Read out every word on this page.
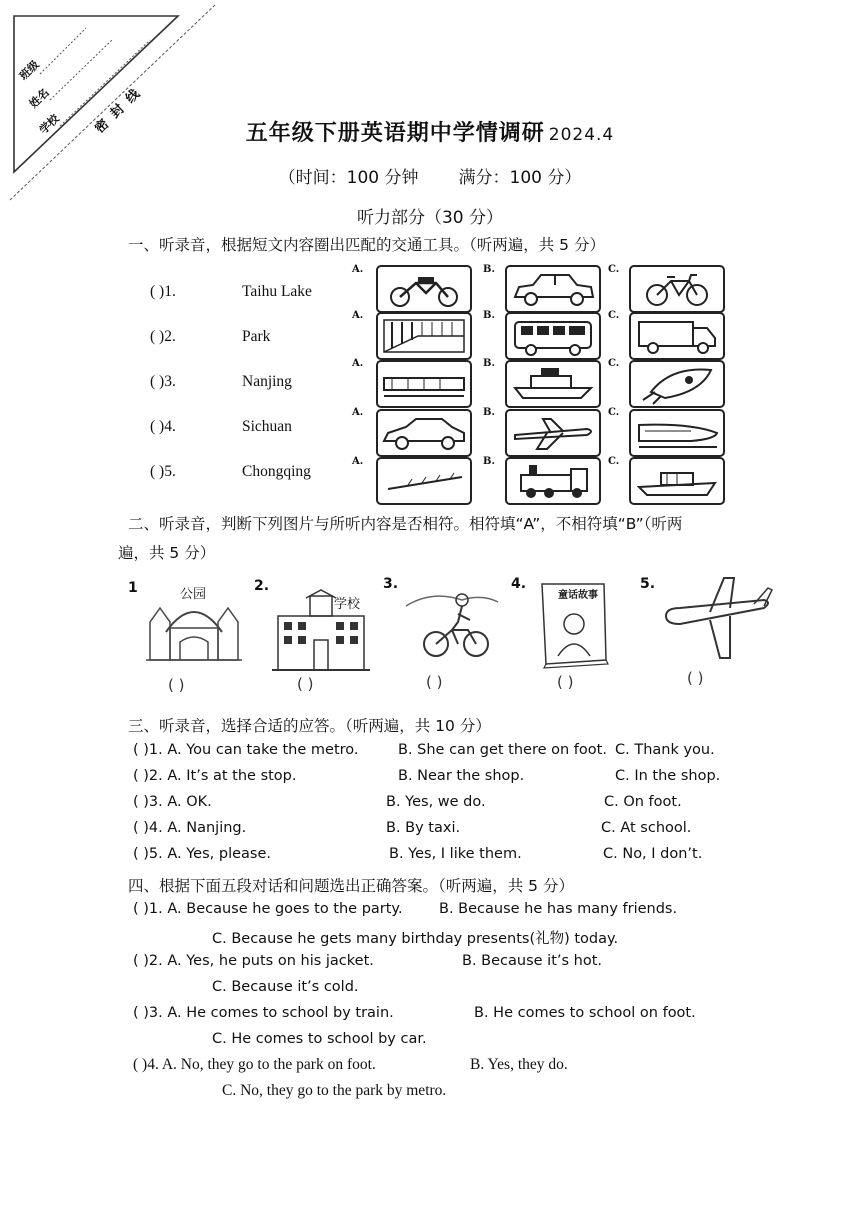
班级
姓名
学校 密 封 线	五年级下册英语期中学情调研 2024.4
（时间：100 分钟 满分：100 分）
听力部分（30 分）
一、听录音，根据短文内容圈出匹配的交通工具。（听两遍，共 5 分）
( )1.	Taihu Lake
( )2.	Park
( )3.	Nanjing
( )4.	Sichuan
( )5.	Chongqing
A.	B.	C.
A.	B.	C.
A.	B.	C.
A.	B.	C.
A.	B.	C.
二、听录音，判断下列图片与所听内容是否相符。相符填“A”，不相符填“B”（听两
遍，共 5 分）
1	公园
2.
学校
3.	4.
童话故事
5.
( )	( )	( )	( )	( )
三、听录音，选择合适的应答。（听两遍，共 10 分）
( )1. A. You can take the metro.	B. She can get there on foot. C. Thank you.
( )2. A. It’s at the stop.	B. Near the shop.	C. In the shop.
( )3. A. OK.	B. Yes, we do.	C. On foot.
( )4. A. Nanjing.	B. By taxi.	C. At school.
( )5. A. Yes, please.	B. Yes, I like them.	C. No, I don’t.
四、根据下面五段对话和问题选出正确答案。（听两遍，共 5 分）
( )1. A. Because he goes to the party.	B. Because he has many friends.
C. Because he gets many birthday presents(礼物) today.
( )2. A. Yes, he puts on his jacket.	B. Because it’s hot.
C. Because it’s cold.
( )3. A. He comes to school by train.	B. He comes to school on foot.
C. He comes to school by car.
( )4. A. No, they go to the park on foot.	B. Yes, they do.
C. No, they go to the park by metro.
